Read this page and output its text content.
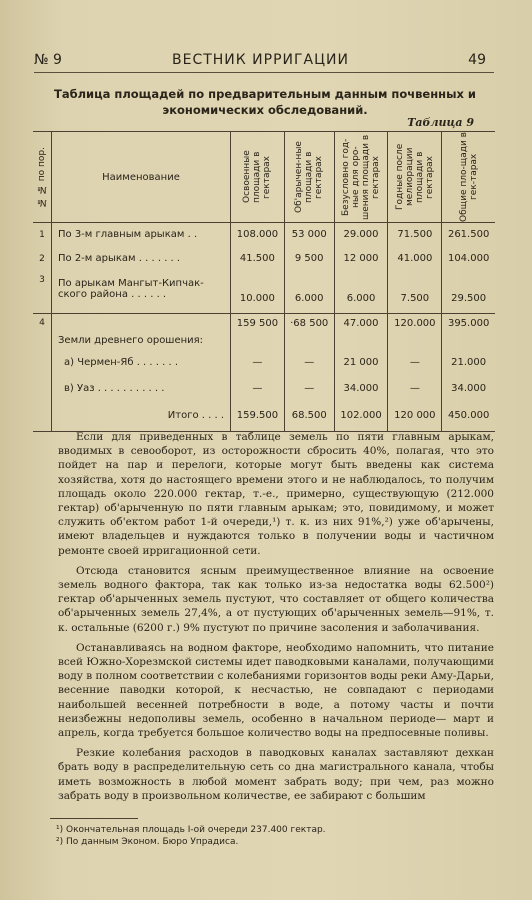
№ 9	ВЕСТНИК ИРРИГАЦИИ	49
Таблица площадей по предварительным данным почвенных и экономических обследований.
Таблица 9
№ № по пор.	Наименование	Освоенные площади в гектарах	Об'арычен-ные площади в гектарах	Безусловно год-ные для оро-шения площади в гектарах	Годные после мелиорации площади в гектарах	Общие пло-щади в гек-тарах

1	По 3-м главным арыкам . .	108.000	53 000	29.000	71.500	261.500
2	По 2-м арыкам . . . . . . .	41.500	9 500	12 000	41.000	104.000
3	По арыкам Мангыт-Кипчак-ского района . . . . . .	10.000	6.000	6.000	7.500	29.500

4	Земли древнего орошения:	159 500	·68 500	47.000	120.000	395.000
	а) Чермен-Яб . . . . . . .	—	—	21 000	—	21.000
	в) Уаз . . . . . . . . . . .	—	—	34.000	—	34.000
	Итого . . . .	159.500	68.500	102.000	120 000	450.000

Если для приведенных в таблице земель по пяти главным арыкам, вводимых в севооборот, из осторожности сбросить 40%, полагая, что это пойдет на пар и перелоги, которые могут быть введены как система хозяйства, хотя до настоящего времени этого и не наблюдалось, то получим площадь около 220.000 гектар, т.-е., примерно, существующую (212.000 гектар) об'арыченную по пяти главным арыкам; это, повидимому, и может служить об'ектом работ 1-й очереди,¹) т. к. из них 91%,²) уже об'арычены, имеют владельцев и нуждаются только в получении воды и частичном ремонте своей ирригационной сети.

Отсюда становится ясным преимущественное влияние на освоение земель водного фактора, так как только из-за недостатка воды 62.500²) гектар об'арыченных земель пустуют, что составляет от общего количества об'арыченных земель 27,4%, а от пустующих об'арыченных земель—91%, т. к. остальные (6200 г.) 9% пустуют по причине засоления и заболачивания.

Останавливаясь на водном факторе, необходимо напомнить, что питание всей Южно-Хорезмской системы идет паводковыми каналами, получающими воду в полном соответствии с колебаниями горизонтов воды реки Аму-Дарьи, весенние паводки которой, к несчастью, не совпадают с периодами наибольшей весенней потребности в воде, а потому часты и почти неизбежны недополивы земель, особенно в начальном периоде— март и апрель, когда требуется большое количество воды на предпосевные поливы.

Резкие колебания расходов в паводковых каналах заставляют дехкан брать воду в распределительную сеть со дна магистрального канала, чтобы иметь возможность в любой момент забрать воду; при чем, раз можно забрать воду в произвольном количестве, ее забирают с большим

¹) Окончательная площадь I-ой очереди 237.400 гектар.
²) По данным Эконом. Бюро Упрадиса.
